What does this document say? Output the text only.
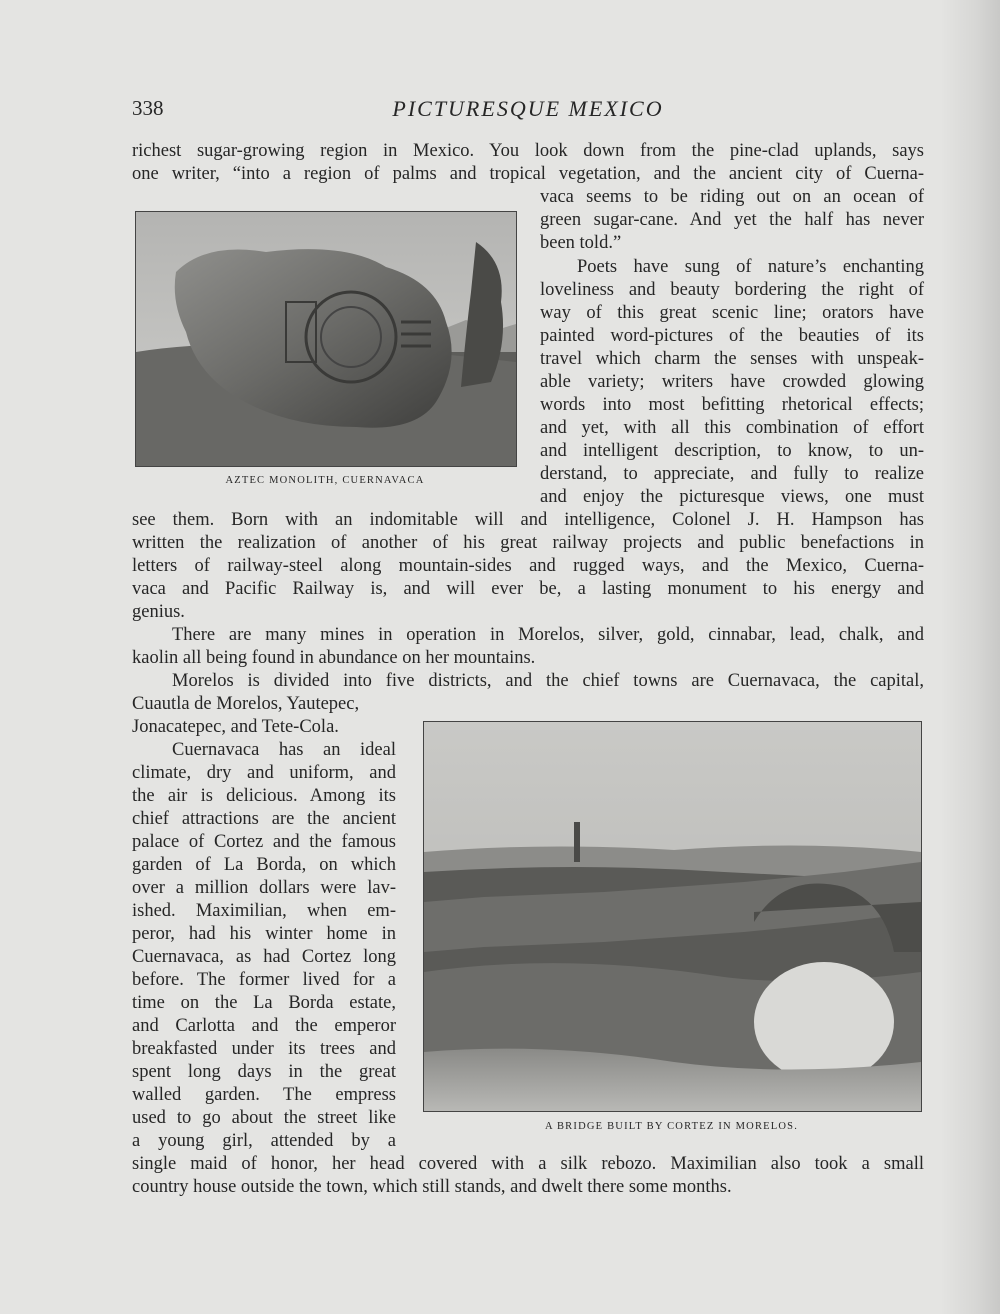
338	PICTURESQUE MEXICO
richest sugar-growing region in Mexico. You look down from the pine-clad uplands, says
one writer, “into a region of palms and tropical vegetation, and the ancient city of Cuerna-
vaca seems to be riding out on an ocean of
green sugar-cane. And yet the half has never
been told.”
Poets have sung of nature’s enchanting
loveliness and beauty bordering the right of
way of this great scenic line; orators have
painted word-pictures of the beauties of its
travel which charm the senses with unspeak-
able variety; writers have crowded glowing
words into most befitting rhetorical effects;
and yet, with all this combination of effort
and intelligent description, to know, to un-
derstand, to appreciate, and fully to realize
and enjoy the picturesque views, one must
AZTEC MONOLITH, CUERNAVACA
see them. Born with an indomitable will and intelligence, Colonel J. H. Hampson has
written the realization of another of his great railway projects and public benefactions in
letters of railway-steel along mountain-sides and rugged ways, and the Mexico, Cuerna-
vaca and Pacific Railway is, and will ever be, a lasting monument to his energy and
genius.
There are many mines in operation in Morelos, silver, gold, cinnabar, lead, chalk, and
kaolin all being found in abundance on her mountains.
Morelos is divided into five districts, and the chief towns are Cuernavaca, the capital,
Cuautla de Morelos, Yautepec,
Jonacatepec, and Tete-Cola.
Cuernavaca has an ideal
climate, dry and uniform, and
the air is delicious. Among its
chief attractions are the ancient
palace of Cortez and the famous
garden of La Borda, on which
over a million dollars were lav-
ished. Maximilian, when em-
peror, had his winter home in
Cuernavaca, as had Cortez long
before. The former lived for a
time on the La Borda estate,
and Carlotta and the emperor
breakfasted under its trees and
spent long days in the great
walled garden. The empress
used to go about the street like
a young girl, attended by a
A BRIDGE BUILT BY CORTEZ IN MORELOS.
single maid of honor, her head covered with a silk rebozo. Maximilian also took a small
country house outside the town, which still stands, and dwelt there some months.
